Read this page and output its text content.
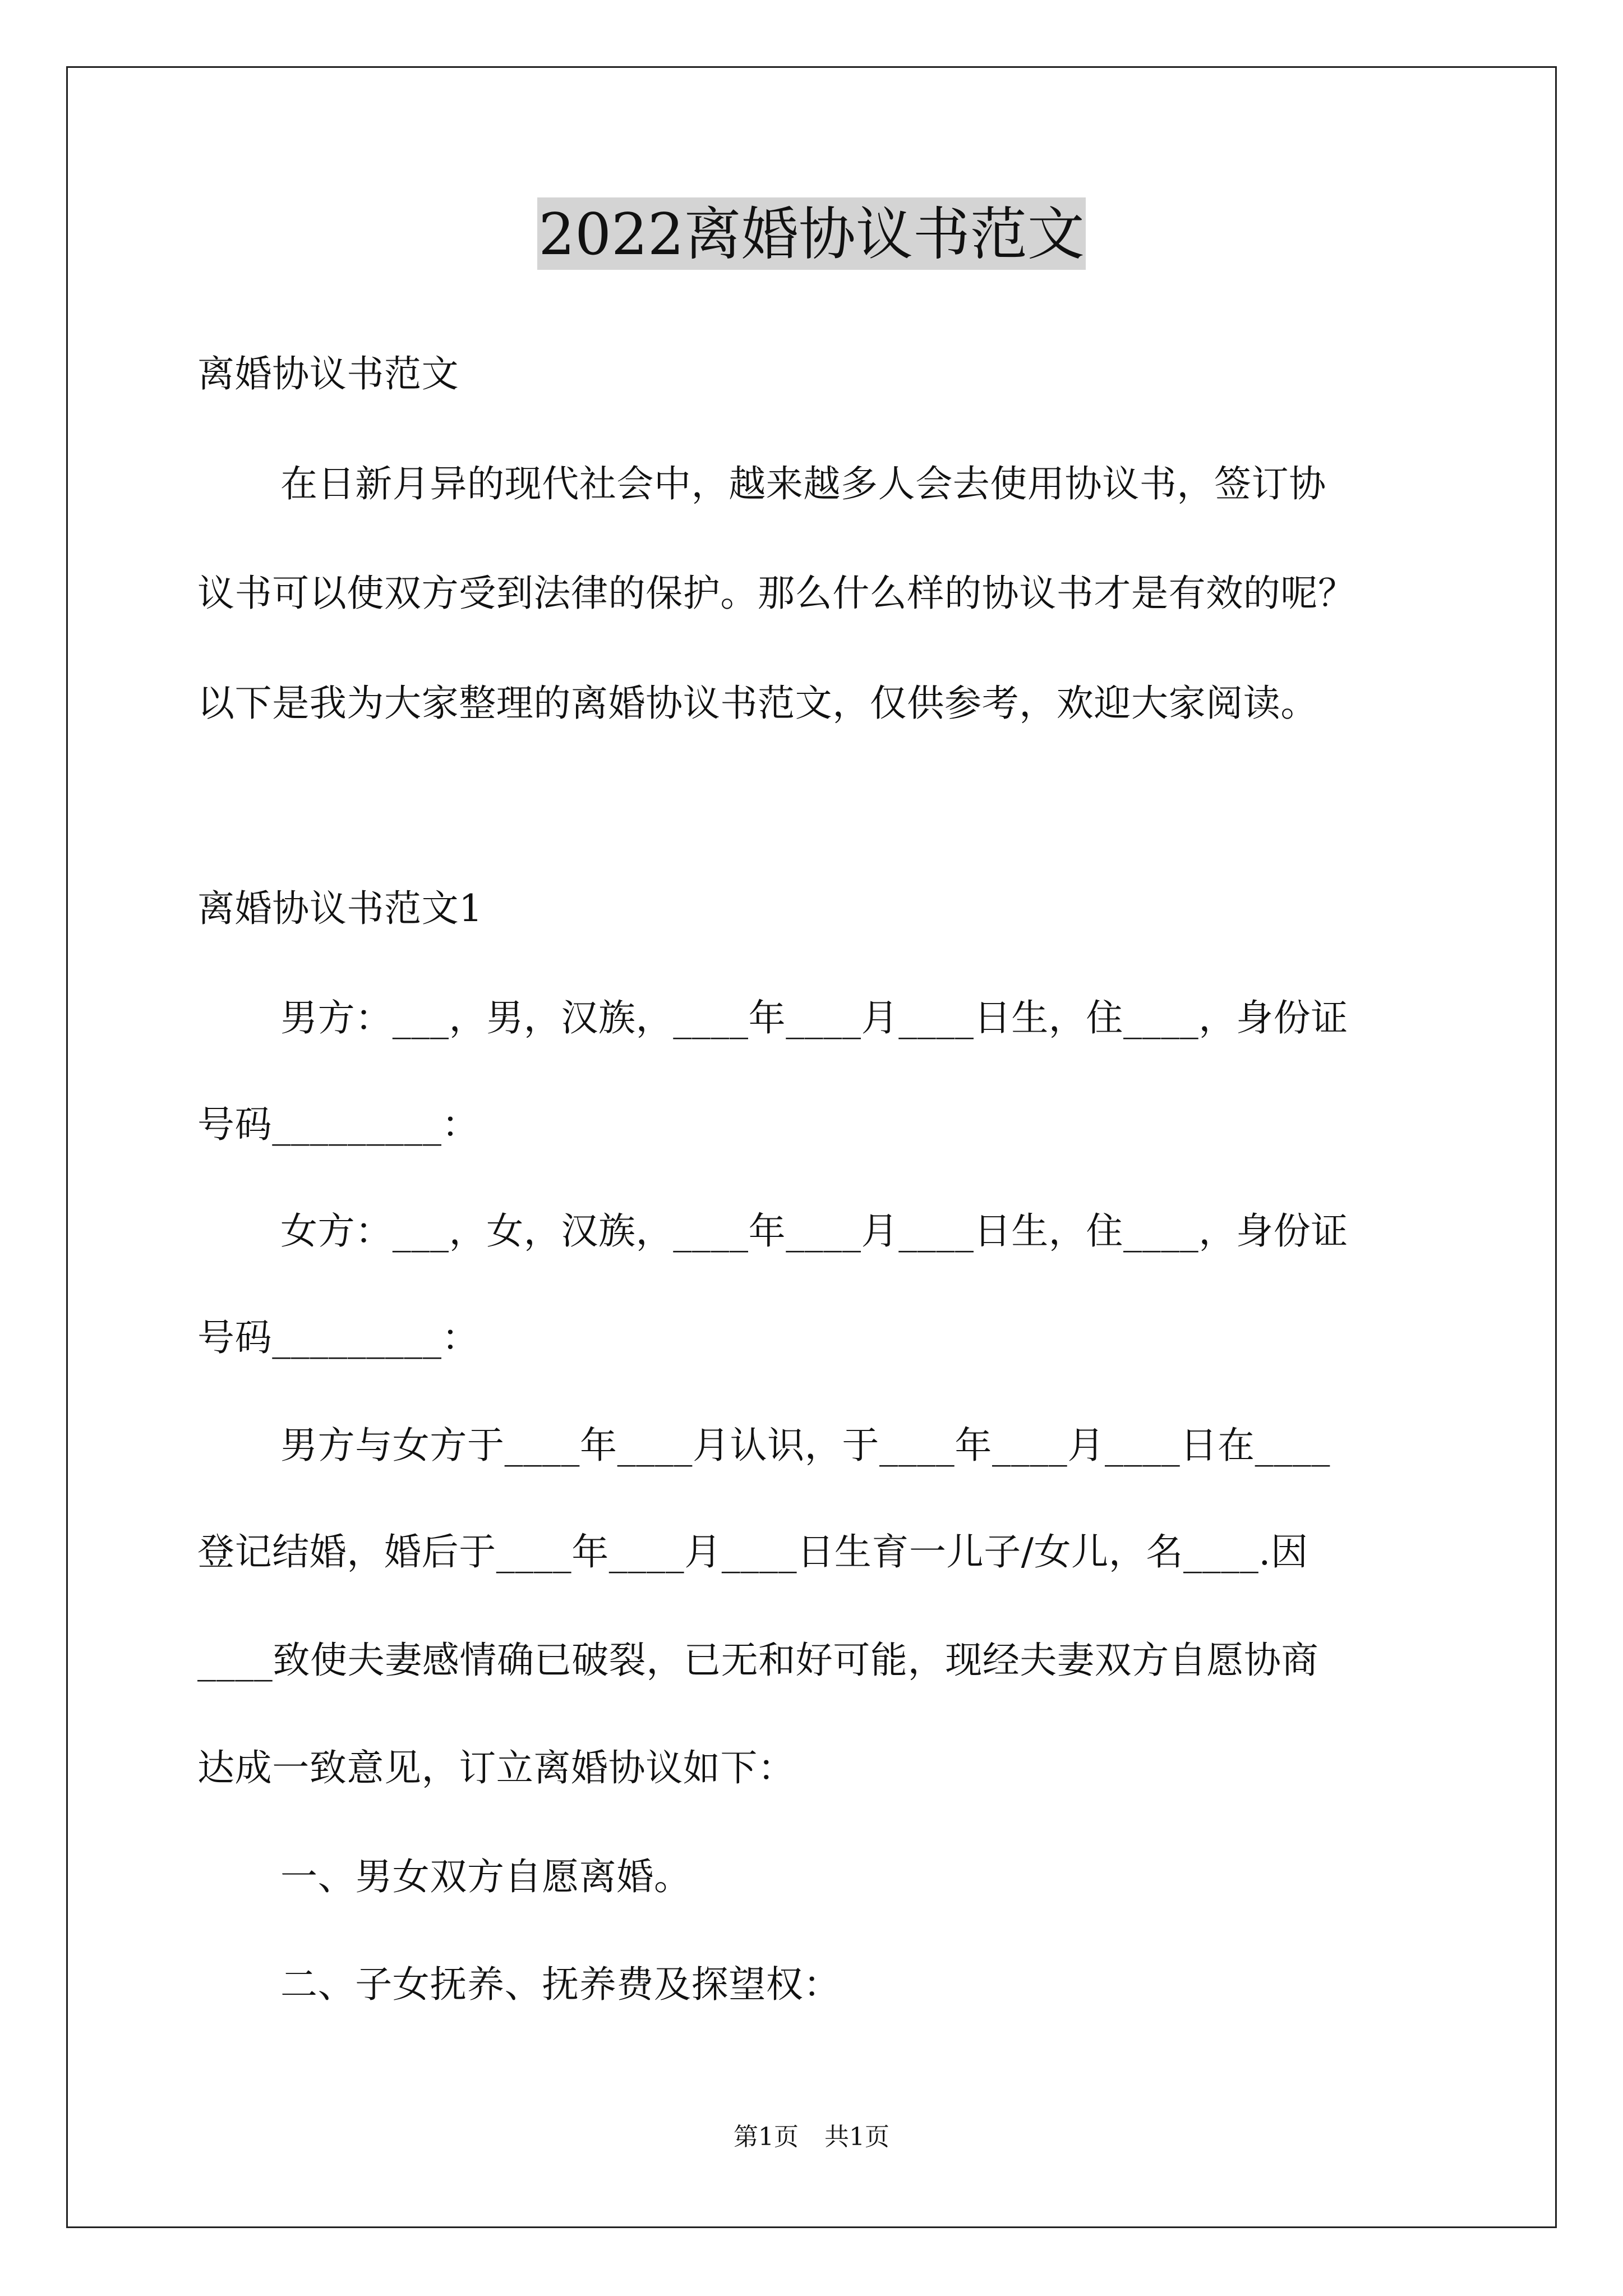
2022离婚协议书范文
离婚协议书范文
在日新月异的现代社会中，越来越多人会去使用协议书，签订协
议书可以使双方受到法律的保护。那么什么样的协议书才是有效的呢？
以下是我为大家整理的离婚协议书范文，仅供参考，欢迎大家阅读。
离婚协议书范文1
男方：___，男，汉族，____年____月____日生，住____，身份证
号码_________：
女方：___，女，汉族，____年____月____日生，住____，身份证
号码_________：
男方与女方于____年____月认识，于____年____月____日在____
登记结婚，婚后于____年____月____日生育一儿子/女儿，名____.因
____致使夫妻感情确已破裂，已无和好可能，现经夫妻双方自愿协商
达成一致意见，订立离婚协议如下：
一、男女双方自愿离婚。
二、子女抚养、抚养费及探望权：
第1页 共1页
